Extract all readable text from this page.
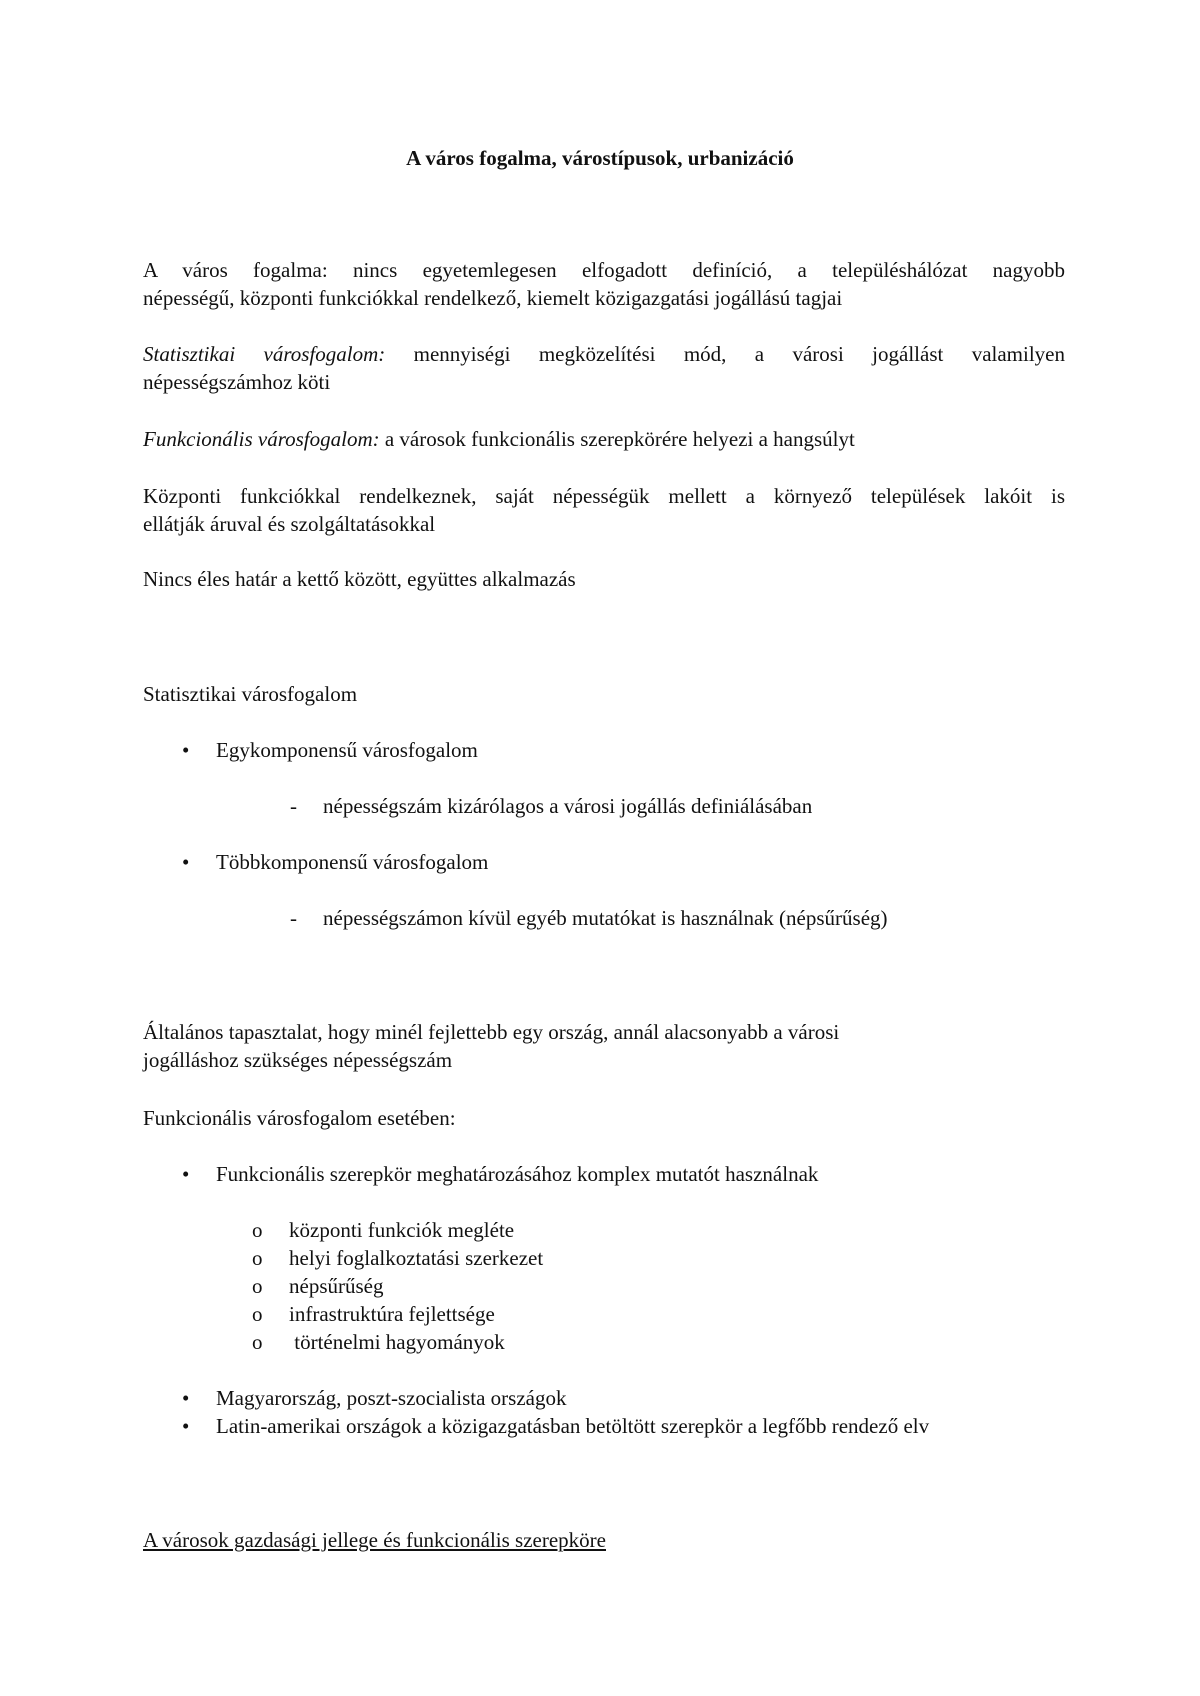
A város fogalma, várostípusok, urbanizáció
A város fogalma: nincs egyetemlegesen elfogadott definíció, a településhálózat nagyobb
népességű, központi funkciókkal rendelkező, kiemelt közigazgatási jogállású tagjai
Statisztikai városfogalom: mennyiségi megközelítési mód, a városi jogállást valamilyen
népességszámhoz köti
Funkcionális városfogalom: a városok funkcionális szerepkörére helyezi a hangsúlyt
Központi funkciókkal rendelkeznek, saját népességük mellett a környező települések lakóit is
ellátják áruval és szolgáltatásokkal
Nincs éles határ a kettő között, együttes alkalmazás
Statisztikai városfogalom
• Egykomponensű városfogalom
- népességszám kizárólagos a városi jogállás definiálásában
• Többkomponensű városfogalom
- népességszámon kívül egyéb mutatókat is használnak (népsűrűség)
Általános tapasztalat, hogy minél fejlettebb egy ország, annál alacsonyabb a városi
jogálláshoz szükséges népességszám
Funkcionális városfogalom esetében:
• Funkcionális szerepkör meghatározásához komplex mutatót használnak
o központi funkciók megléte
o helyi foglalkoztatási szerkezet
o népsűrűség
o infrastruktúra fejlettsége
o történelmi hagyományok
• Magyarország, poszt-szocialista országok
• Latin-amerikai országok a közigazgatásban betöltött szerepkör a legfőbb rendező elv
A városok gazdasági jellege és funkcionális szerepköre
